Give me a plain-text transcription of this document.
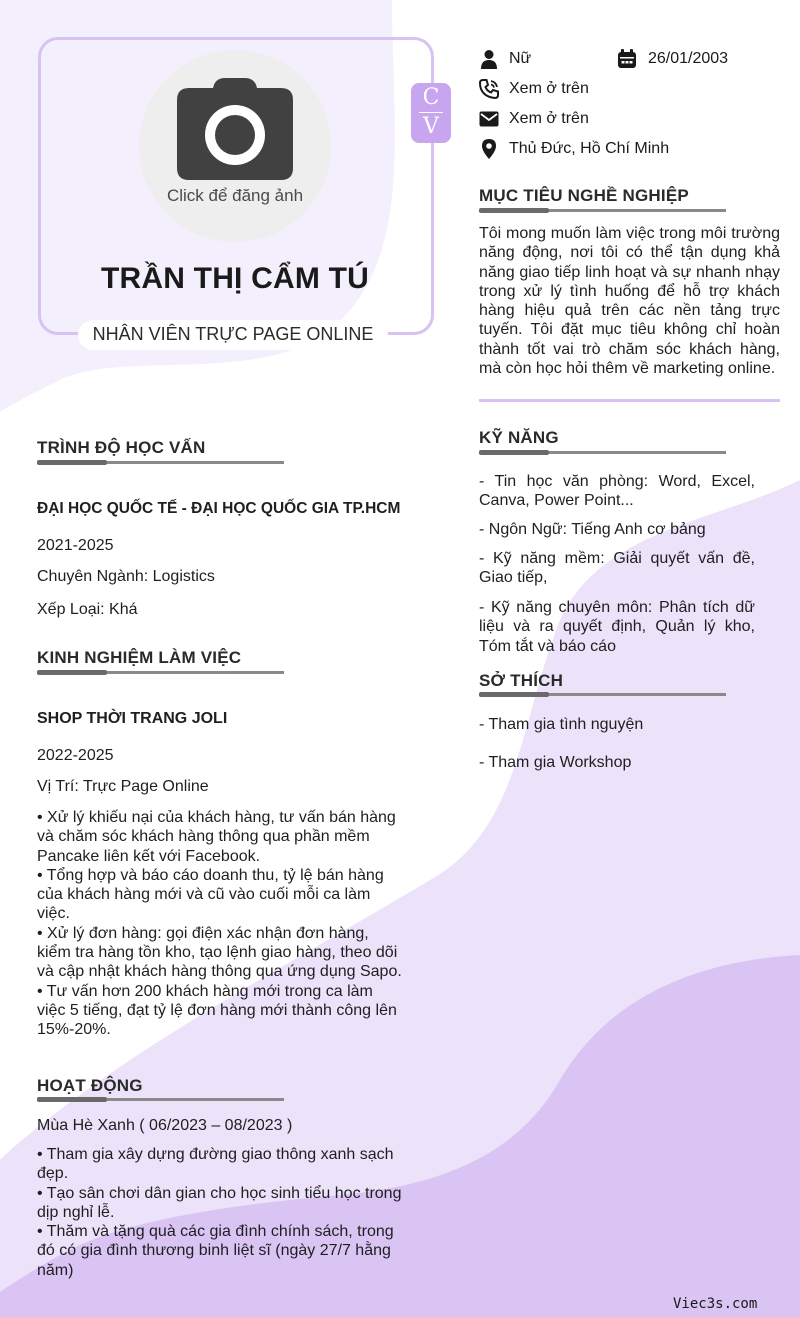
Click để đăng ảnh
TRẦN THỊ CẨM TÚ
NHÂN VIÊN TRỰC PAGE ONLINE
C
V
Nữ	26/01/2003
Xem ở trên
Xem ở trên
Thủ Đức, Hồ Chí Minh
MỤC TIÊU NGHỀ NGHIỆP
Tôi mong muốn làm việc trong môi trường năng động, nơi tôi có thể tận dụng khả năng giao tiếp linh hoạt và sự nhanh nhạy trong xử lý tình huống để hỗ trợ khách hàng hiệu quả trên các nền tảng trực tuyến. Tôi đặt mục tiêu không chỉ hoàn thành tốt vai trò chăm sóc khách hàng, mà còn học hỏi thêm về marketing online.
KỸ NĂNG
- Tin học văn phòng: Word, Excel, Canva, Power Point...
- Ngôn Ngữ: Tiếng Anh cơ bảng
- Kỹ năng mềm: Giải quyết vấn đề, Giao tiếp,
- Kỹ năng chuyên môn: Phân tích dữ liệu và ra quyết định, Quản lý kho, Tóm tắt và báo cáo
SỞ THÍCH
- Tham gia tình nguyện
- Tham gia Workshop
TRÌNH ĐỘ HỌC VẤN
ĐẠI HỌC QUỐC TẾ - ĐẠI HỌC QUỐC GIA TP.HCM
2021-2025
Chuyên Ngành: Logistics
Xếp Loại: Khá
KINH NGHIỆM LÀM VIỆC
SHOP THỜI TRANG JOLI
2022-2025
Vị Trí: Trực Page Online
• Xử lý khiếu nại của khách hàng, tư vấn bán hàng và chăm sóc khách hàng thông qua phần mềm Pancake liên kết với Facebook.
• Tổng hợp và báo cáo doanh thu, tỷ lệ bán hàng của khách hàng mới và cũ vào cuối mỗi ca làm việc.
• Xử lý đơn hàng: gọi điện xác nhận đơn hàng, kiểm tra hàng tồn kho, tạo lệnh giao hàng, theo dõi và cập nhật khách hàng thông qua ứng dụng Sapo.
• Tư vấn hơn 200 khách hàng mới trong ca làm việc 5 tiếng, đạt tỷ lệ đơn hàng mới thành công lên 15%-20%.
HOẠT ĐỘNG
Mùa Hè Xanh ( 06/2023 – 08/2023 )
• Tham gia xây dựng đường giao thông xanh sạch đẹp.
• Tạo sân chơi dân gian cho học sinh tiểu học trong dịp nghỉ lễ.
• Thăm và tặng quà các gia đình chính sách, trong đó có gia đình thương binh liệt sĩ (ngày 27/7 hằng năm)
Viec3s.com
